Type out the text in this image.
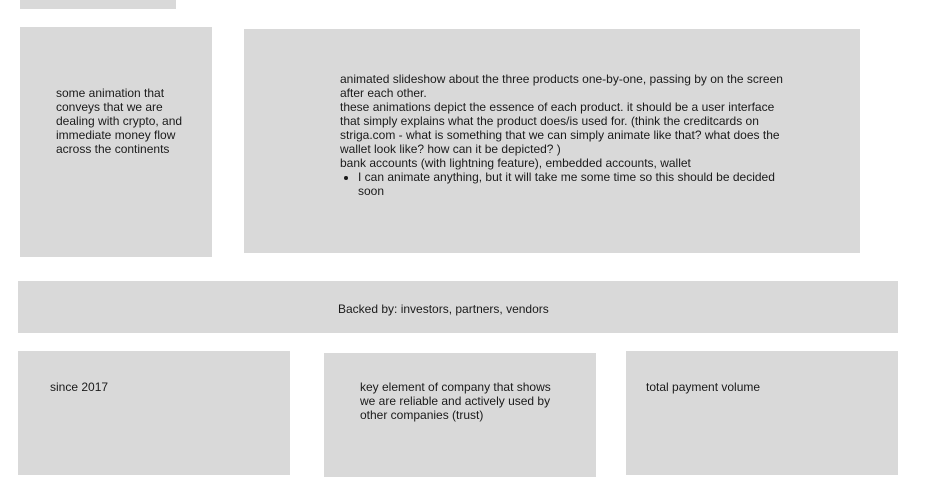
some animation that conveys that we are dealing with crypto, and immediate money flow across the continents
animated slideshow about the three products one-by-one, passing by on the screen after each other.
these animations depict the essence of each product. it should be a user interface that simply explains what the product does/is used for. (think the creditcards on striga.com - what is something that we can simply animate like that? what does the wallet look like? how can it be depicted? )
bank accounts (with lightning feature), embedded accounts, wallet
• I can animate anything, but it will take me some time so this should be decided soon
Backed by: investors, partners, vendors
since 2017	key element of company that shows we are reliable and actively used by other companies (trust)
total payment volume
